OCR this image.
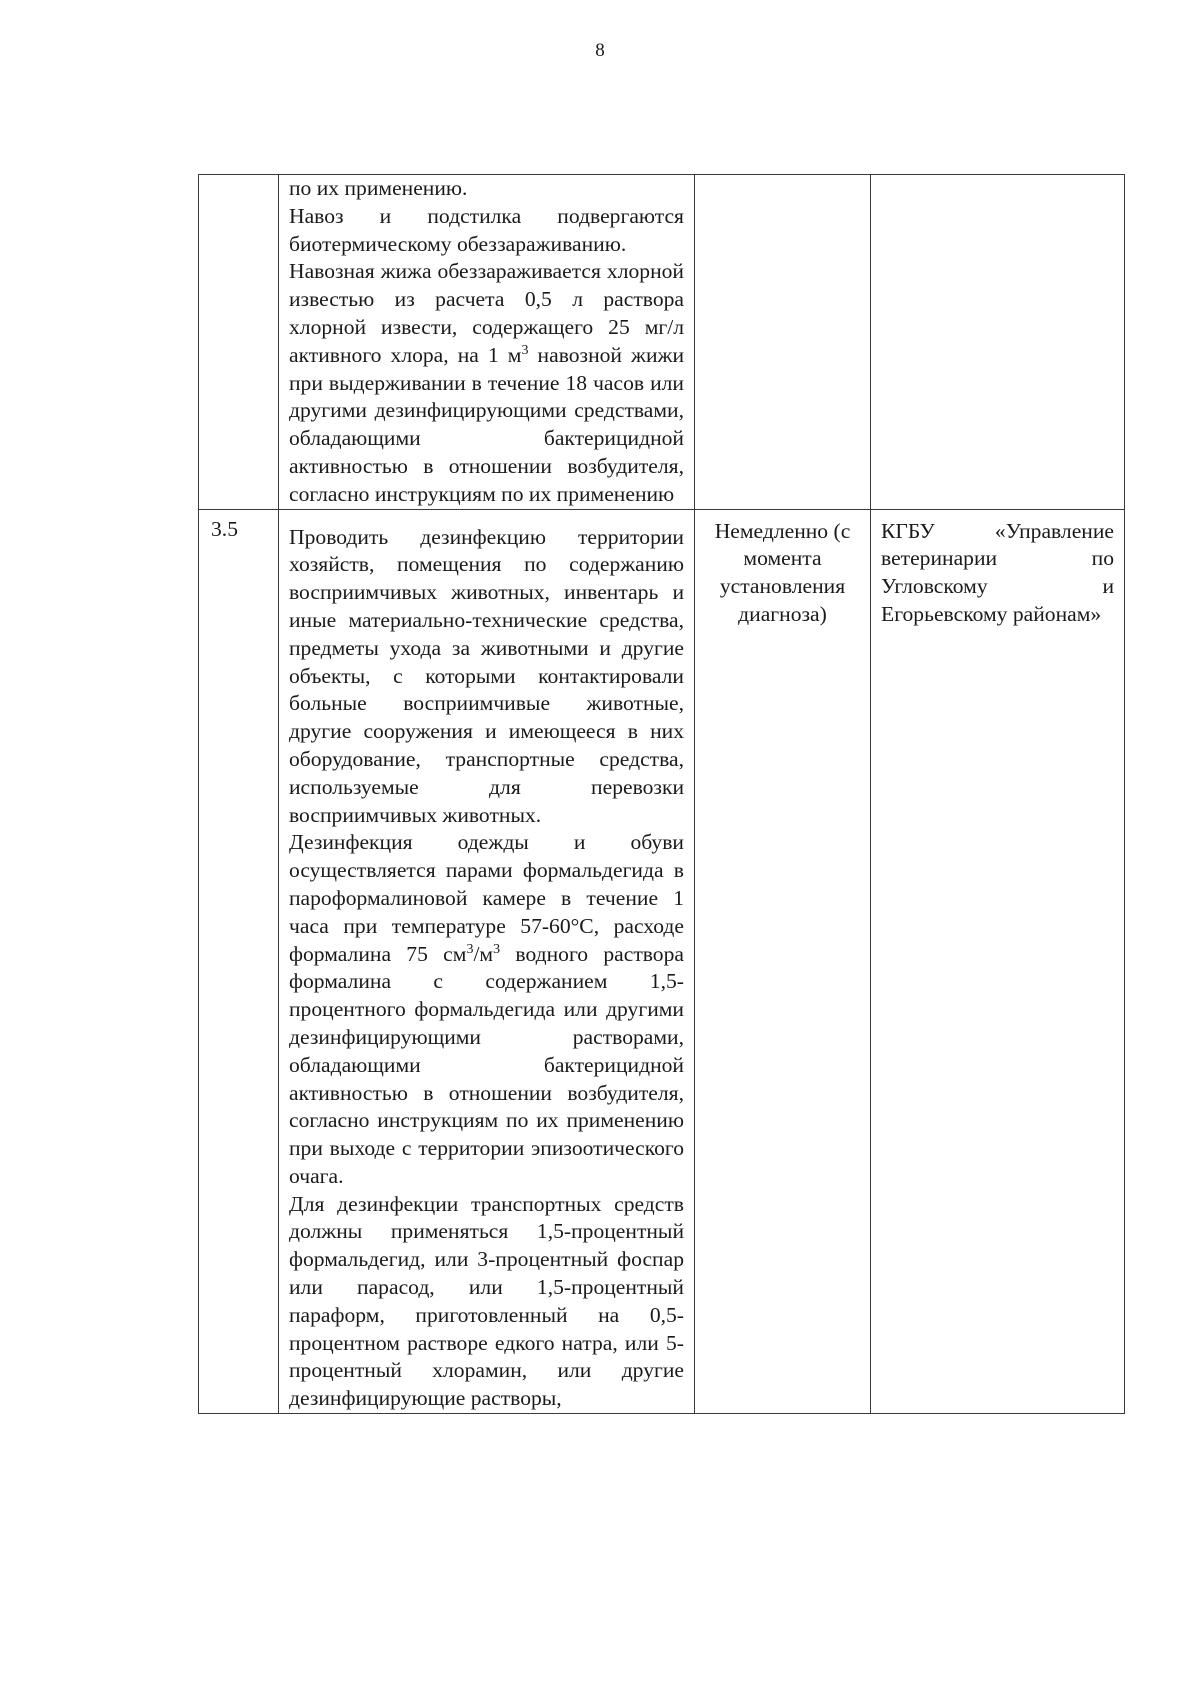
8

	по их применению.

Навоз и подстилка подвергаются биотермическому обеззараживанию.

Навозная жижа обеззараживается хлорной известью из расчета 0,5 л раствора хлорной извести, содержащего 25 мг/л активного хлора, на 1 $м^3$ навозной жижи при выдерживании в течение 18 часов или другими дезинфицирующими средствами, обладающими бактерицидной активностью в отношении возбудителя, согласно инструкциям по их применению		

3.5	Проводить дезинфекцию территории хозяйств, помещения по содержанию восприимчивых животных, инвентарь и иные материально-технические средства, предметы ухода за животными и другие объекты, с которыми контактировали больные восприимчивые животные, другие сооружения и имеющееся в них оборудование, транспортные средства, используемые для перевозки восприимчивых животных.

Дезинфекция одежды и обуви осуществляется парами формальдегида в пароформалиновой камере в течение 1 часа при температуре 57-60°С, расходе формалина 75 $см^3/м^3$ водного раствора формалина с содержанием 1,5-процентного формальдегида или другими дезинфицирующими растворами, обладающими бактерицидной активностью в отношении возбудителя, согласно инструкциям по их применению при выходе с территории эпизоотического очага.

Для дезинфекции транспортных средств должны применяться 1,5-процентный формальдегид, или 3-процентный фоспар или парасод, или 1,5-процентный параформ, приготовленный на 0,5-процентном растворе едкого натра, или 5-процентный хлорамин, или другие дезинфицирующие растворы,	Немедленно (с момента установления диагноза)	КГБУ «Управление ветеринарии по Угловскому и Егорьевскому районам»
